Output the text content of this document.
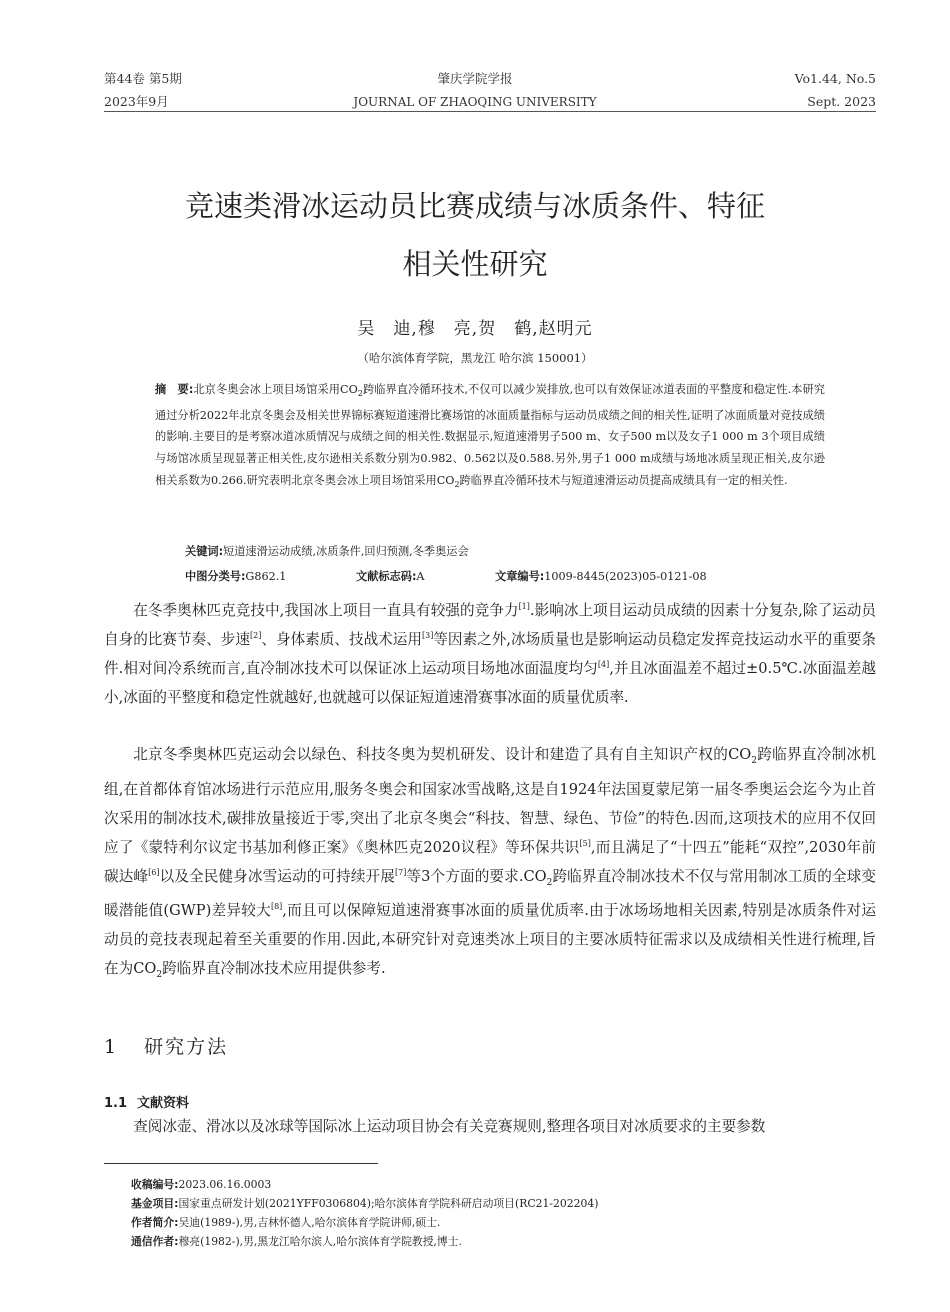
第44卷 第5期
2023年9月
肇庆学院学报
JOURNAL OF ZHAOQING UNIVERSITY
Vo1.44, No.5
Sept. 2023
竞速类滑冰运动员比赛成绩与冰质条件、特征
相关性研究
吴　迪,穆　亮,贺　鹤,赵明元
（哈尔滨体育学院，黑龙江 哈尔滨 150001）
摘　要:北京冬奥会冰上项目场馆采用$CO_2$跨临界直冷循环技术,不仅可以减少炭排放,也可以有效保证冰道表面的平整度和稳定性.本研究通过分析2022年北京冬奥会及相关世界锦标赛短道速滑比赛场馆的冰面质量指标与运动员成绩之间的相关性,证明了冰面质量对竞技成绩的影响.主要目的是考察冰道冰质情况与成绩之间的相关性.数据显示,短道速滑男子500 m、女子500 m以及女子1 000 m 3个项目成绩与场馆冰质呈现显著正相关性,皮尔逊相关系数分别为0.982、0.562以及0.588.另外,男子1 000 m成绩与场地冰质呈现正相关,皮尔逊相关系数为0.266.研究表明北京冬奥会冰上项目场馆采用$CO_2$跨临界直冷循环技术与短道速滑运动员提高成绩具有一定的相关性.
关键词:短道速滑运动成绩,冰质条件,回归预测,冬季奥运会
中图分类号:G862.1	文献标志码:A	文章编号:1009-8445(2023)05-0121-08

在冬季奥林匹克竞技中,我国冰上项目一直具有较强的竞争力[1].影响冰上项目运动员成绩的因素十分复杂,除了运动员自身的比赛节奏、步速[2]、身体素质、技战术运用[3]等因素之外,冰场质量也是影响运动员稳定发挥竞技运动水平的重要条件.相对间冷系统而言,直冷制冰技术可以保证冰上运动项目场地冰面温度均匀[4],并且冰面温差不超过±0.5℃.冰面温差越小,冰面的平整度和稳定性就越好,也就越可以保证短道速滑赛事冰面的质量优质率.

北京冬季奥林匹克运动会以绿色、科技冬奥为契机研发、设计和建造了具有自主知识产权的$CO_2$跨临界直冷制冰机组,在首都体育馆冰场进行示范应用,服务冬奥会和国家冰雪战略,这是自1924年法国夏蒙尼第一届冬季奥运会迄今为止首次采用的制冰技术,碳排放量接近于零,突出了北京冬奥会“科技、智慧、绿色、节俭”的特色.因而,这项技术的应用不仅回应了《蒙特利尔议定书基加利修正案》《奥林匹克2020议程》等环保共识[5],而且满足了“十四五”能耗“双控”,2030年前碳达峰[6]以及全民健身冰雪运动的可持续开展[7]等3个方面的要求$.CO_2$跨临界直冷制冰技术不仅与常用制冰工质的全球变暖潜能值(GWP)差异较大[8],而且可以保障短道速滑赛事冰面的质量优质率.由于冰场场地相关因素,特别是冰质条件对运动员的竞技表现起着至关重要的作用.因此,本研究针对竞速类冰上项目的主要冰质特征需求以及成绩相关性进行梳理,旨在为$CO_2$跨临界直冷制冰技术应用提供参考.

1 研究方法
1.1 文献资料

查阅冰壶、滑冰以及冰球等国际冰上运动项目协会有关竞赛规则,整理各项目对冰质要求的主要参数

收稿编号:2023.06.16.0003
基金项目:国家重点研发计划(2021YFF0306804);哈尔滨体育学院科研启动项目(RC21-202204)
作者简介:吴迪(1989-),男,吉林怀德人,哈尔滨体育学院讲师,硕士.
通信作者:穆亮(1982-),男,黑龙江哈尔滨人,哈尔滨体育学院教授,博士.
